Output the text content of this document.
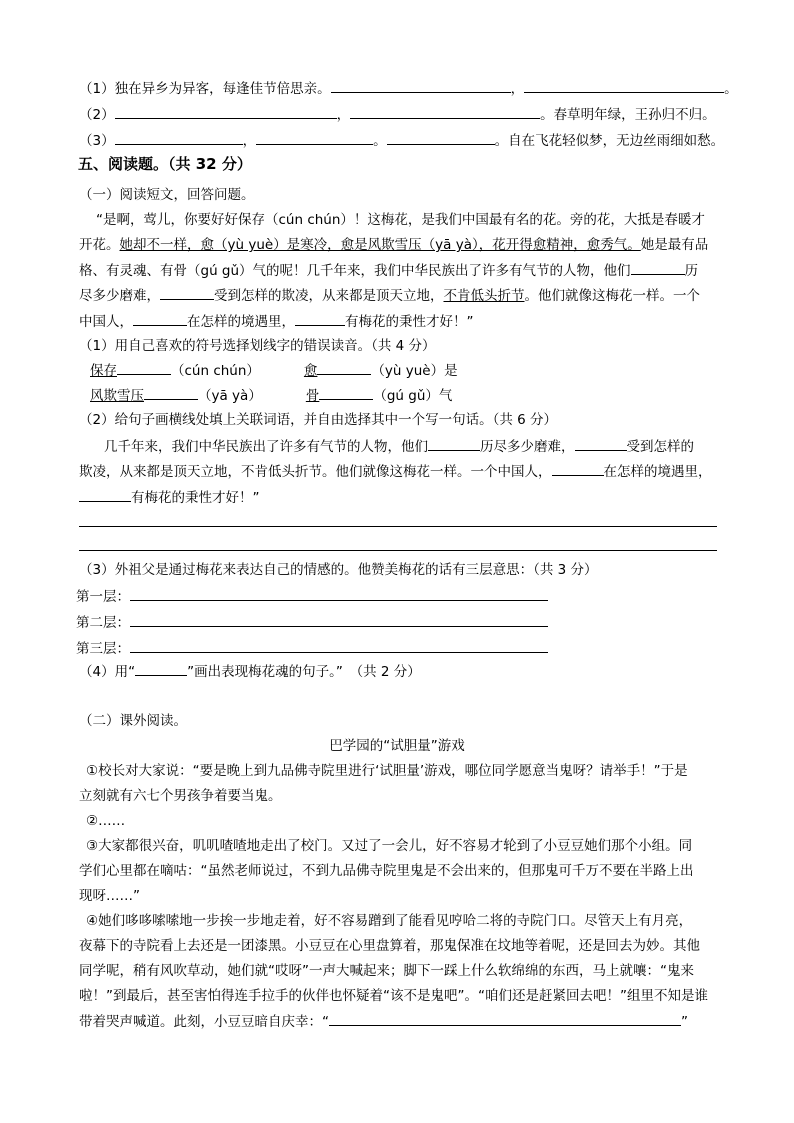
（1）独在异乡为异客，每逢佳节倍思亲。	，	。
（2）	，	。春草明年绿，王孙归不归。
（3）	，	。	。自在飞花轻似梦，无边丝雨细如愁。
五、阅读题。（共 32 分）
（一）阅读短文，回答问题。
“是啊，莺儿，你要好好保存（cún chún）！这梅花，是我们中国最有名的花。旁的花，大抵是春暖才
开花。她却不一样，愈（yù yuè）是寒冷，愈是风欺雪压（yā yà），花开得愈精神，愈秀气。她是最有品
格、有灵魂、有骨（gú gǔ）气的呢！几千年来，我们中华民族出了许多有气节的人物，他们	历
尽多少磨难，	受到怎样的欺凌，从来都是顶天立地，不肯低头折节。他们就像这梅花一样。一个
中国人，	在怎样的境遇里，	有梅花的秉性才好！”
（1）用自己喜欢的符号选择划线字的错误读音。（共 4 分）
保存	（cún chún）	愈	（yù yuè）是
风欺雪压	（yā yà）	骨	（gú gǔ）气
（2）给句子画横线处填上关联词语，并自由选择其中一个写一句话。（共 6 分）
几千年来，我们中华民族出了许多有气节的人物，他们	历尽多少磨难，	受到怎样的
欺凌，从来都是顶天立地，不肯低头折节。他们就像这梅花一样。一个中国人，	在怎样的境遇里，
有梅花的秉性才好！”
（3）外祖父是通过梅花来表达自己的情感的。他赞美梅花的话有三层意思：（共 3 分）
第一层：
第二层：
第三层：
（4）用“	”画出表现梅花魂的句子。”　（共 2 分）
（二）课外阅读。
巴学园的“试胆量”游戏
①校长对大家说：“要是晚上到九品佛寺院里进行‘试胆量’游戏，哪位同学愿意当鬼呀？请举手！”于是
立刻就有六七个男孩争着要当鬼。
②……
③大家都很兴奋，叽叽喳喳地走出了校门。又过了一会儿，好不容易才轮到了小豆豆她们那个小组。同
学们心里都在嘀咕：“虽然老师说过，不到九品佛寺院里鬼是不会出来的，但那鬼可千万不要在半路上出
现呀……”
④她们哆哆嗦嗦地一步挨一步地走着，好不容易蹭到了能看见哼哈二将的寺院门口。尽管天上有月亮，
夜幕下的寺院看上去还是一团漆黑。小豆豆在心里盘算着，那鬼保准在坟地等着呢，还是回去为妙。其他
同学呢，稍有风吹草动，她们就“哎呀”一声大喊起来；脚下一踩上什么软绵绵的东西，马上就嚷：“鬼来
啦！”到最后，甚至害怕得连手拉手的伙伴也怀疑着“该不是鬼吧”。“咱们还是赶紧回去吧！”组里不知是谁
带着哭声喊道。此刻，小豆豆暗自庆幸：“	”
